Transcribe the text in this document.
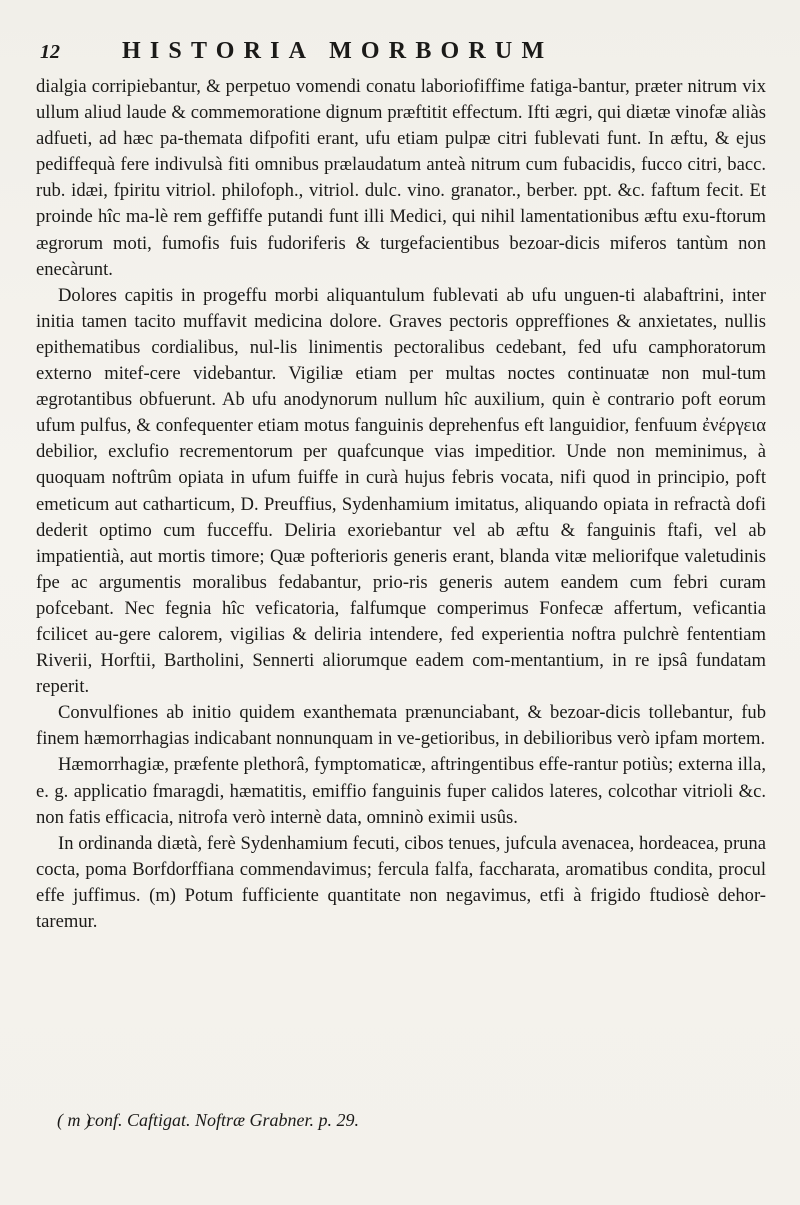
12	HISTORIA MORBORUM

dialgia corripiebantur, & perpetuo vomendi conatu laboriofiffime fatiga-bantur, præter nitrum vix ullum aliud laude & commemoratione dignum præftitit effectum. Ifti ægri, qui diætæ vinofæ aliàs adfueti, ad hæc pa-themata difpofiti erant, ufu etiam pulpæ citri fublevati funt. In æftu, & ejus pediffequà fere indivulsà fiti omnibus prælaudatum anteà nitrum cum fubacidis, fucco citri, bacc. rub. idæi, fpiritu vitriol. philofoph., vitriol. dulc. vino. granator., berber. ppt. &c. faftum fecit. Et proinde hîc ma-lè rem geffiffe putandi funt illi Medici, qui nihil lamentationibus æftu exu-ftorum ægrorum moti, fumofis fuis fudoriferis & turgefacientibus bezoar-dicis miferos tantùm non enecàrunt.

Dolores capitis in progeffu morbi aliquantulum fublevati ab ufu unguen-ti alabaftrini, inter initia tamen tacito muffavit medicina dolore. Graves pectoris oppreffiones & anxietates, nullis epithematibus cordialibus, nul-lis linimentis pectoralibus cedebant, fed ufu camphoratorum externo mitef-cere videbantur. Vigiliæ etiam per multas noctes continuatæ non mul-tum ægrotantibus obfuerunt. Ab ufu anodynorum nullum hîc auxilium, quin è contrario poft eorum ufum pulfus, & confequenter etiam motus fanguinis deprehenfus eft languidior, fenfuum ἐνέργεια debilior, exclufio recrementorum per quafcunque vias impeditior. Unde non meminimus, à quoquam noftrûm opiata in ufum fuiffe in curà hujus febris vocata, nifi quod in principio, poft emeticum aut catharticum, D. Preuffius, Sydenhamium imitatus, aliquando opiata in refractà dofi dederit optimo cum fucceffu. Deliria exoriebantur vel ab æftu & fanguinis ftafi, vel ab impatientià, aut mortis timore; Quæ pofterioris generis erant, blanda vitæ meliorifque valetudinis fpe ac argumentis moralibus fedabantur, prio-ris generis autem eandem cum febri curam pofcebant. Nec fegnia hîc veficatoria, falfumque comperimus Fonfecæ affertum, veficantia fcilicet au-gere calorem, vigilias & deliria intendere, fed experientia noftra pulchrè fententiam Riverii, Horftii, Bartholini, Sennerti aliorumque eadem com-mentantium, in re ipsâ fundatam reperit.

Convulfiones ab initio quidem exanthemata prænunciabant, & bezoar-dicis tollebantur, fub finem hæmorrhagias indicabant nonnunquam in ve-getioribus, in debilioribus verò ipfam mortem.

Hæmorrhagiæ, præfente plethorâ, fymptomaticæ, aftringentibus effe-rantur potiùs; externa illa, e. g. applicatio fmaragdi, hæmatitis, emiffio fanguinis fuper calidos lateres, colcothar vitrioli &c. non fatis efficacia, nitrofa verò internè data, omninò eximii usûs.

In ordinanda diætà, ferè Sydenhamium fecuti, cibos tenues, jufcula avenacea, hordeacea, pruna coctа, poma Borfdorffiana commendavimus; fercula falfa, faccharata, aromatibus condita, procul effe juffimus. (m) Potum fufficiente quantitate non negavimus, etfi à frigido ftudiosè dehor-taremur.

( m )
conf. Caftigat. Noftræ Grabner. p. 29.
